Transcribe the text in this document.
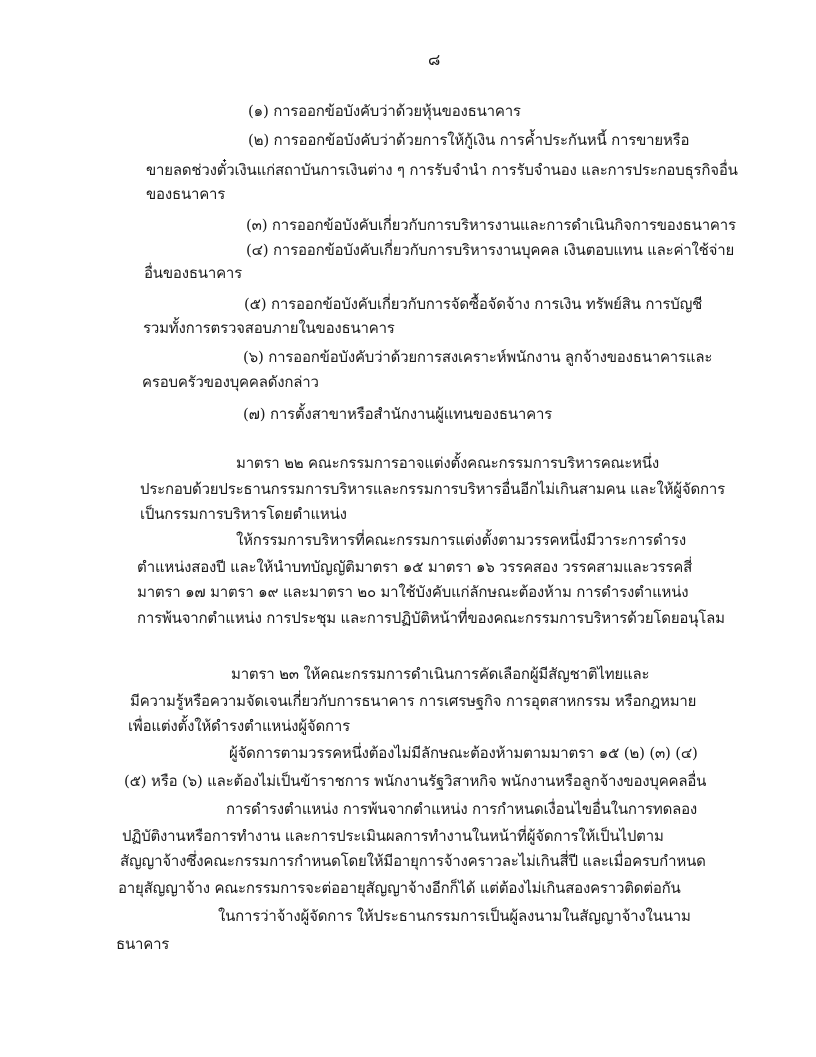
๘
(๑) การออกข้อบังคับว่าด้วยหุ้นของธนาคาร
(๒) การออกข้อบังคับว่าด้วยการให้กู้เงิน การค้ำประกันหนี้ การขายหรือ
ขายลดช่วงตั๋วเงินแก่สถาบันการเงินต่าง ๆ การรับจำนำ การรับจำนอง และการประกอบธุรกิจอื่น
ของธนาคาร
(๓) การออกข้อบังคับเกี่ยวกับการบริหารงานและการดำเนินกิจการของธนาคาร
(๔) การออกข้อบังคับเกี่ยวกับการบริหารงานบุคคล เงินตอบแทน และค่าใช้จ่าย
อื่นของธนาคาร
(๕) การออกข้อบังคับเกี่ยวกับการจัดซื้อจัดจ้าง การเงิน ทรัพย์สิน การบัญชี
รวมทั้งการตรวจสอบภายในของธนาคาร
(๖) การออกข้อบังคับว่าด้วยการสงเคราะห์พนักงาน ลูกจ้างของธนาคารและ
ครอบครัวของบุคคลดังกล่าว
(๗) การตั้งสาขาหรือสำนักงานผู้แทนของธนาคาร
มาตรา ๒๒ คณะกรรมการอาจแต่งตั้งคณะกรรมการบริหารคณะหนึ่ง
ประกอบด้วยประธานกรรมการบริหารและกรรมการบริหารอื่นอีกไม่เกินสามคน และให้ผู้จัดการ
เป็นกรรมการบริหารโดยตำแหน่ง
ให้กรรมการบริหารที่คณะกรรมการแต่งตั้งตามวรรคหนึ่งมีวาระการดำรง
ตำแหน่งสองปี และให้นำบทบัญญัติมาตรา ๑๕ มาตรา ๑๖ วรรคสอง วรรคสามและวรรคสี่
มาตรา ๑๗ มาตรา ๑๙ และมาตรา ๒๐ มาใช้บังคับแก่ลักษณะต้องห้าม การดำรงตำแหน่ง
การพ้นจากตำแหน่ง การประชุม และการปฏิบัติหน้าที่ของคณะกรรมการบริหารด้วยโดยอนุโลม
มาตรา ๒๓ ให้คณะกรรมการดำเนินการคัดเลือกผู้มีสัญชาติไทยและ
มีความรู้หรือความจัดเจนเกี่ยวกับการธนาคาร การเศรษฐกิจ การอุตสาหกรรม หรือกฎหมาย
เพื่อแต่งตั้งให้ดำรงตำแหน่งผู้จัดการ
ผู้จัดการตามวรรคหนึ่งต้องไม่มีลักษณะต้องห้ามตามมาตรา ๑๕ (๒) (๓) (๔)
(๕) หรือ (๖) และต้องไม่เป็นข้าราชการ พนักงานรัฐวิสาหกิจ พนักงานหรือลูกจ้างของบุคคลอื่น
การดำรงตำแหน่ง การพ้นจากตำแหน่ง การกำหนดเงื่อนไขอื่นในการทดลอง
ปฏิบัติงานหรือการทำงาน และการประเมินผลการทำงานในหน้าที่ผู้จัดการให้เป็นไปตาม
สัญญาจ้างซึ่งคณะกรรมการกำหนดโดยให้มีอายุการจ้างคราวละไม่เกินสี่ปี และเมื่อครบกำหนด
อายุสัญญาจ้าง คณะกรรมการจะต่ออายุสัญญาจ้างอีกก็ได้ แต่ต้องไม่เกินสองคราวติดต่อกัน
ในการว่าจ้างผู้จัดการ ให้ประธานกรรมการเป็นผู้ลงนามในสัญญาจ้างในนาม
ธนาคาร
